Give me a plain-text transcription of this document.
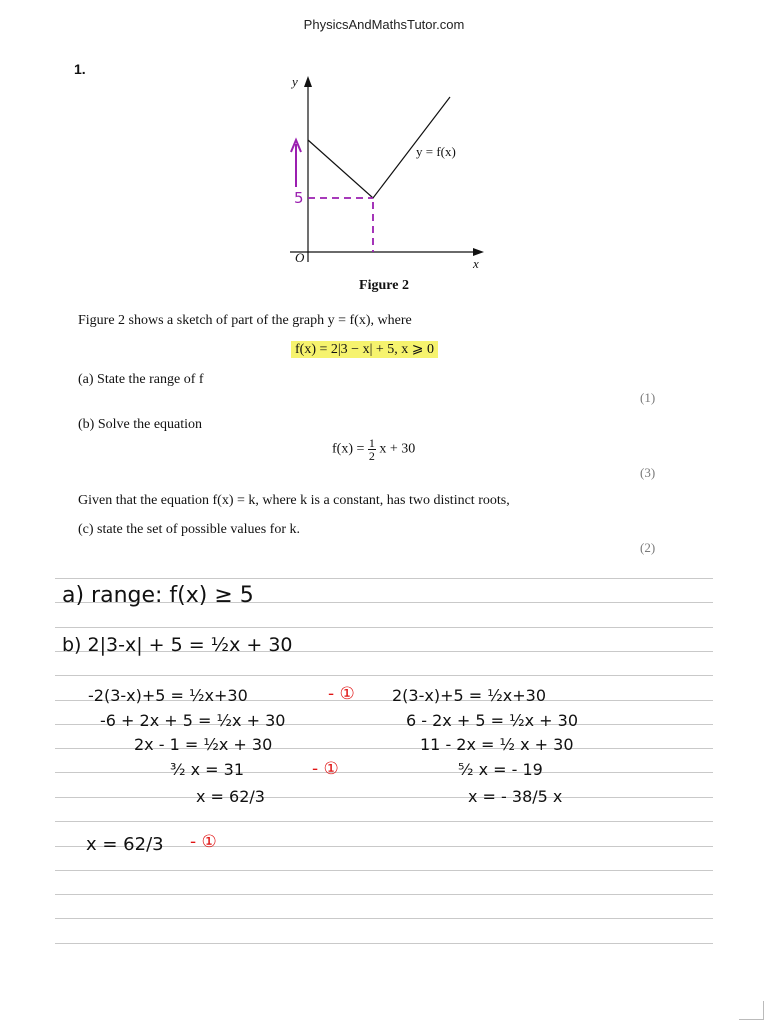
PhysicsAndMathsTutor.com
1.
y
x
O
y = f(x)
5
Figure 2
Figure 2 shows a sketch of part of the graph y = f(x), where
f(x) = 2|3 − x| + 5, x ⩾ 0
(a) State the range of f
(1)
(b) Solve the equation
$f(x) = \frac{1}{2}$ x + 30
(3)
Given that the equation f(x) = k, where k is a constant, has two distinct roots,
(c) state the set of possible values for k.
(2)
a) range: f(x) ≥ 5
b) 2|3-x| + 5 = ½x + 30
-2(3-x)+5 = ½x+30	- ①
-6 + 2x + 5 = ½x + 30
2x - 1 = ½x + 30
³⁄₂ x = 31	- ①
x = 62/3
2(3-x)+5 = ½x+30
6 - 2x + 5 = ½x + 30
11 - 2x = ½ x + 30
⁵⁄₂ x = - 19
x = - 38/5 x
x = 62/3 - ①
